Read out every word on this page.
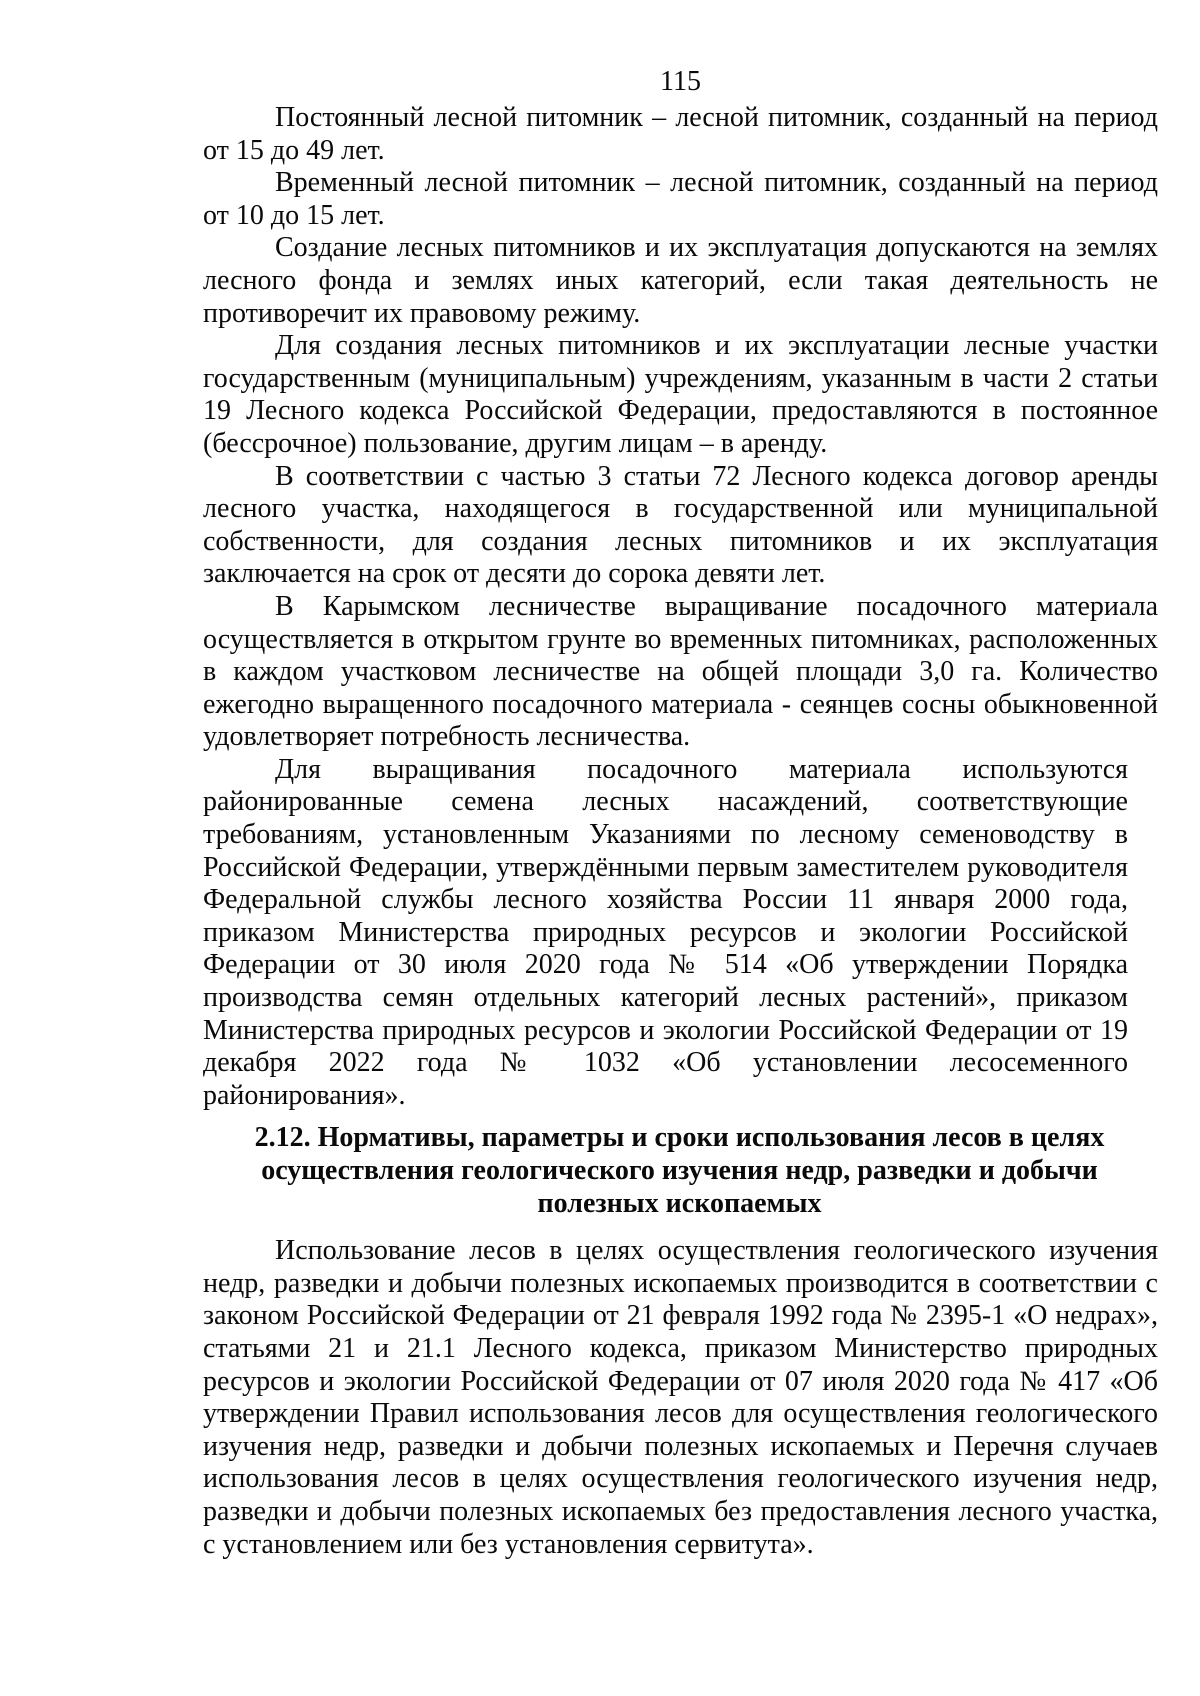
115

Постоянный лесной питомник – лесной питомник, созданный на период от 15 до 49 лет.

Временный лесной питомник – лесной питомник, созданный на период от 10 до 15 лет.

Создание лесных питомников и их эксплуатация допускаются на землях лесного фонда и землях иных категорий, если такая деятельность не противоречит их правовому режиму.

Для создания лесных питомников и их эксплуатации лесные участки государственным (муниципальным) учреждениям, указанным в части 2 статьи 19 Лесного кодекса Российской Федерации, предоставляются в постоянное (бессрочное) пользование, другим лицам – в аренду.

В соответствии с частью 3 статьи 72 Лесного кодекса договор аренды лесного участка, находящегося в государственной или муниципальной собственности, для создания лесных питомников и их эксплуатация заключается на срок от десяти до сорока девяти лет.

В Карымском лесничестве выращивание посадочного материала осуществляется в открытом грунте во временных питомниках, расположенных в каждом участковом лесничестве на общей площади 3,0 га. Количество ежегодно выращенного посадочного материала - сеянцев сосны обыкновенной удовлетворяет потребность лесничества.

Для выращивания посадочного материала используются районированные семена лесных насаждений, соответствующие требованиям, установленным Указаниями по лесному семеноводству в Российской Федерации, утверждёнными первым заместителем руководителя Федеральной службы лесного хозяйства России 11 января 2000 года, приказом Министерства природных ресурсов и экологии Российской Федерации от 30 июля 2020 года № 514 «Об утверждении Порядка производства семян отдельных категорий лесных растений», приказом Министерства природных ресурсов и экологии Российской Федерации от 19 декабря 2022 года № 1032 «Об установлении лесосеменного районирования».

2.12. Нормативы, параметры и сроки использования лесов в целях
осуществления геологического изучения недр, разведки и добычи
полезных ископаемых

Использование лесов в целях осуществления геологического изучения недр, разведки и добычи полезных ископаемых производится в соответствии с законом Российской Федерации от 21 февраля 1992 года № 2395-1 «О недрах», статьями 21 и 21.1 Лесного кодекса, приказом Министерство природных ресурсов и экологии Российской Федерации от 07 июля 2020 года № 417 «Об утверждении Правил использования лесов для осуществления геологического изучения недр, разведки и добычи полезных ископаемых и Перечня случаев использования лесов в целях осуществления геологического изучения недр, разведки и добычи полезных ископаемых без предоставления лесного участка, с установлением или без установления сервитута».
